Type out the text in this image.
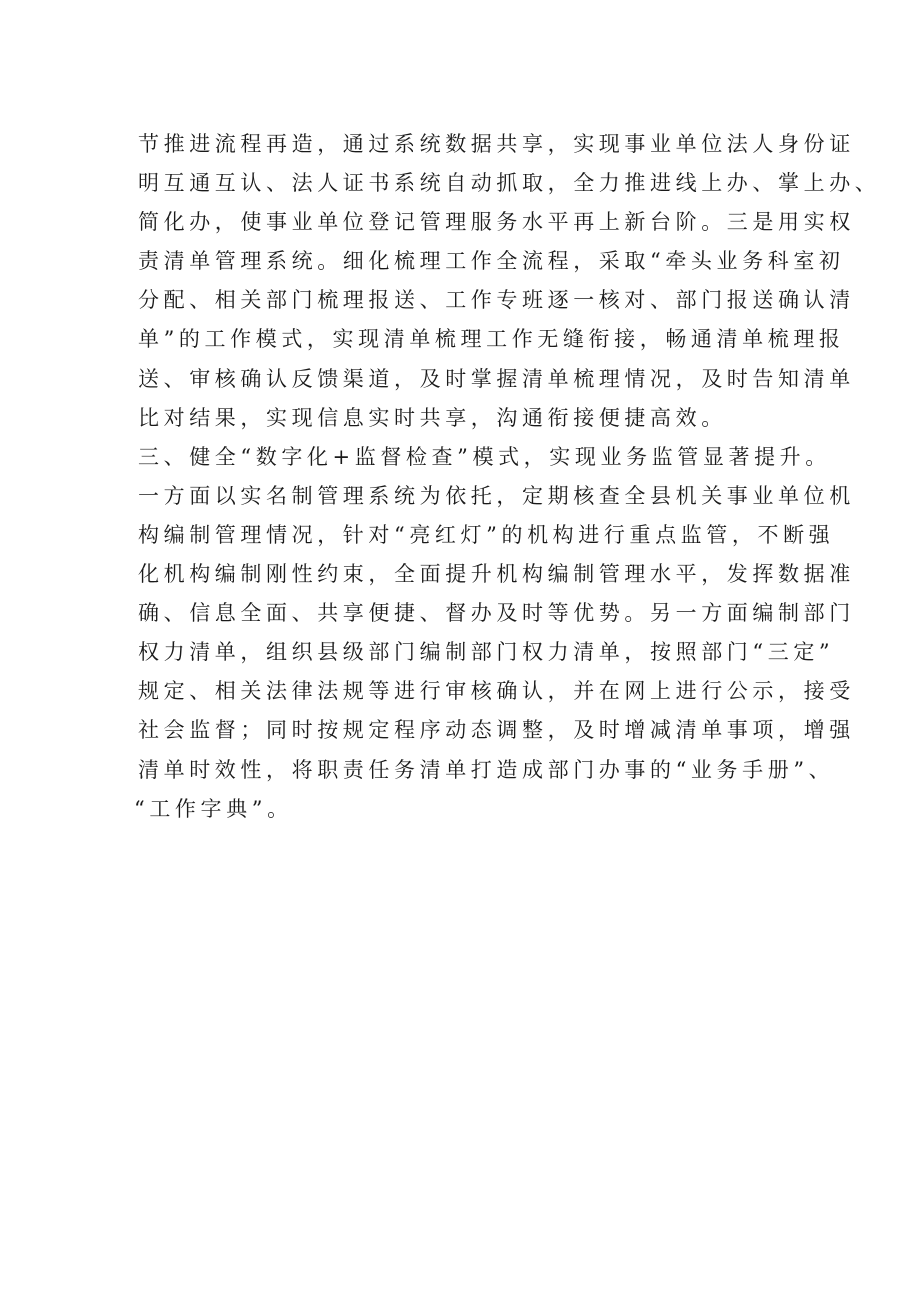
节推进流程再造，通过系统数据共享，实现事业单位法人身份证
明互通互认、法人证书系统自动抓取，全力推进线上办、掌上办、
简化办，使事业单位登记管理服务水平再上新台阶。三是用实权
责清单管理系统。细化梳理工作全流程，采取“牵头业务科室初
分配、相关部门梳理报送、工作专班逐一核对、部门报送确认清
单”的工作模式，实现清单梳理工作无缝衔接，畅通清单梳理报
送、审核确认反馈渠道，及时掌握清单梳理情况，及时告知清单
比对结果，实现信息实时共享，沟通衔接便捷高效。
三、健全“数字化+监督检查”模式，实现业务监管显著提升。
一方面以实名制管理系统为依托，定期核查全县机关事业单位机
构编制管理情况，针对“亮红灯”的机构进行重点监管，不断强
化机构编制刚性约束，全面提升机构编制管理水平，发挥数据准
确、信息全面、共享便捷、督办及时等优势。另一方面编制部门
权力清单，组织县级部门编制部门权力清单，按照部门“三定”
规定、相关法律法规等进行审核确认，并在网上进行公示，接受
社会监督；同时按规定程序动态调整，及时增减清单事项，增强
清单时效性，将职责任务清单打造成部门办事的“业务手册”、
“工作字典”。
